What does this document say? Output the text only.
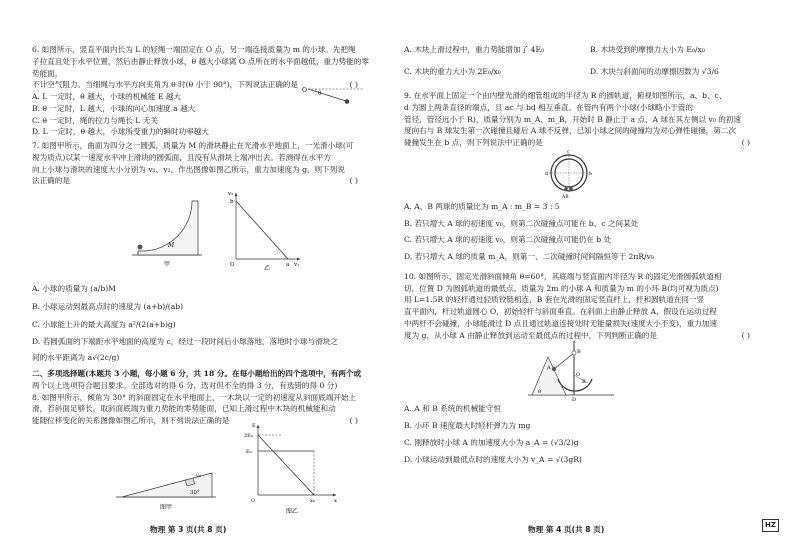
6. 如图所示，竖直平面内长为 L 的轻绳一端固定在 O 点，另一端连接质量为 m 的小球。先把绳

子拉直且处于水平位置，然后由静止释放小球，θ 越大小球离 O 点所在的水平面越低，重力势能的零势能面，

不计空气阻力。当细绳与水平方向夹角为 θ 时(θ 小于 90°)，下列说法正确的是	( )

A. L 一定时，θ 越大，小球的机械能 E 越大

B. θ 一定时，L 越大，小球的向心加速度 a 越大

C. θ 一定时，绳的拉力与绳长 L 无关

D. L 一定时，θ 越大，小球所受重力的瞬时功率越大

O θ

7. 如图甲所示，曲面为四分之一圆弧，质量为 M 的滑块静止在光滑水平地面上，一光滑小球(可

视为质点)以某一速度水平冲上滑块的圆弧面，且没有从滑块上端冲出去。若测得在水平方

向上小球与滑块的速度大小分别为 v₁、v₂，作出图像如图乙所示，重力加速度为 g，则下列说

法正确的是	( )

M
甲
b
a
O
v₂
v₁
乙

A. 小球的质量为 (a/b)M

B. 小球运动到最高点时的速度为 (a+b)/(ab)

C. 小球能上升的最大高度为 a²/(2(a+b)g)

D. 若圆弧面的下端距水平地面的高度为 c，经过一段时间后小球落地，落地时小球与滑块之

间的水平距离为 a√(2c/g)

二、多项选择题(本题共 3 小题，每小题 6 分，共 18 分。在每小题给出的四个选项中，有两个或

两个以上选项符合题目要求。全部选对的得 6 分，选对但不全的得 3 分，有选错的得 0 分)

8. 如图甲所示，倾角为 30° 的斜面固定在水平地面上，一木块以一定的初速度从斜面底端开始上

滑，若斜面足够长，取斜面底端为重力势能的零势能面，已知上滑过程中木块的机械能和动

能随位移变化的关系图像如图乙所示，则下列说法正确的是	( )

30°
v₀
图甲
2E₀
E₀
O	x₀
E
x
图乙

A. 木块上滑过程中，重力势能增加了 4E₀	B. 木块受到的摩擦力大小为 E₀/x₀

C. 木块的重力大小为 2E₀/x₀	D. 木块与斜面间的动摩擦因数为 √3/6

9. 在水平面上固定一个由内壁光滑的细管组成的半径为 R 的圆轨道，俯视如图所示，a、b、c、

d 为圆上两条直径的端点，且 ac 与 bd 相互垂直。在管内有两个小球(小球略小于管的

管径，管径远小于 R)，质量分别为 m_A、m_B，开始时 B 静止于 a 点，A 球在其左侧以 v₀ 的初速

度向右与 B 球发生第一次碰撞且碰后 A 球不反弹，已知小球之间的碰撞均为对心弹性碰撞，第二次

碰撞发生在 b 点，则下列说法中正确的是	( )

c
d	b
AB

A. A、B 两球的质量比为 m_A : m_B = 3 : 5

B. 若只增大 A 球的初速度 v₀，则第二次碰撞点可能在 b、c 之间某处

C. 若只增大 A 球的初速度 v₀，则第二次碰撞点可能仍在 b 处

D. 若只增大 A 球的质量 m_A，则第一、二次碰撞时间间隔恒等于 2πR/v₀

10. 如图所示，固定光滑斜面倾角 θ=60°，其底端与竖直面内半径为 R 的固定光滑圆弧轨道相

切，位置 D 为圆弧轨道的最低点。质量为 2m 的小球 A 和质量为 m 的小环 B(均可视为质点)

用 L=1.5R 的轻杆通过轻质铰链相连，B 套在光滑的固定竖直杆上，杆和圆轨道在同一竖

直平面内，杆过轨道圆心 O，初始轻杆与斜面垂直。在斜面上由静止释放 A，假设在运动过程

中两杆不会碰撞，小球能滑过 D 点且通过轨道连接处时无能量损失(速度大小不变)，重力加速

度为 g，从小球 A 由静止释放到运动至最低点的过程中，下列判断正确的是	( )

B
A
O
R
D
θ

A. A 和 B 系统的机械能守恒

B. 小环 B 速度最大时轻杆弹力为 mg

C. 刚释放时小球 A 的加速度大小为 a_A = (√3/2)g

D. 小球运动到最低点时的速度大小为 v_A = √(3gR)

物理 第 3 页(共 8 页)	物理 第 4 页(共 8 页)	HZ
